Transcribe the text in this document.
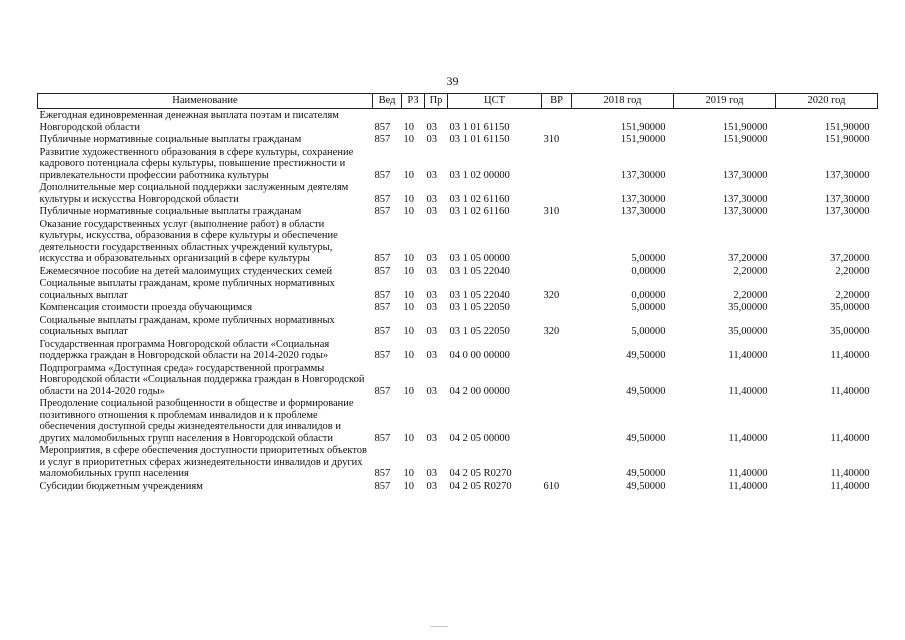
39
Наименование	Вед	РЗ	Пр	ЦСТ	ВР	2018 год	2019 год	2020 год
Ежегодная единовременная денежная выплата поэтам и писателям Новгородской области	857	10	03	03 1 01 61150		151,90000	151,90000	151,90000
Публичные нормативные социальные выплаты гражданам	857	10	03	03 1 01 61150	310	151,90000	151,90000	151,90000
Развитие художественного образования в сфере культуры, сохранение кадрового потенциала сферы культуры, повышение престижности и привлекательности профессии работника культуры	857	10	03	03 1 02 00000		137,30000	137,30000	137,30000
Дополнительные мер социальной поддержки заслуженным деятелям культуры и искусства Новгородской области	857	10	03	03 1 02 61160		137,30000	137,30000	137,30000
Публичные нормативные социальные выплаты гражданам	857	10	03	03 1 02 61160	310	137,30000	137,30000	137,30000
Оказание государственных услуг (выполнение работ) в области культуры, искусства, образования в сфере культуры и обеспечение деятельности государственных областных учреждений культуры, искусства и образовательных организаций в сфере культуры	857	10	03	03 1 05 00000		5,00000	37,20000	37,20000
Ежемесячное пособие на детей малоимущих студенческих семей	857	10	03	03 1 05 22040		0,00000	2,20000	2,20000
Социальные выплаты гражданам, кроме публичных нормативных социальных выплат	857	10	03	03 1 05 22040	320	0,00000	2,20000	2,20000
Компенсация стоимости проезда обучающимся	857	10	03	03 1 05 22050		5,00000	35,00000	35,00000
Социальные выплаты гражданам, кроме публичных нормативных социальных выплат	857	10	03	03 1 05 22050	320	5,00000	35,00000	35,00000
Государственная программа Новгородской области «Социальная поддержка граждан в Новгородской области на 2014-2020 годы»	857	10	03	04 0 00 00000		49,50000	11,40000	11,40000
Подпрограмма «Доступная среда» государственной программы Новгородской области «Социальная поддержка граждан в Новгородской области на 2014-2020 годы»	857	10	03	04 2 00 00000		49,50000	11,40000	11,40000
Преодоление социальной разобщенности в обществе и формирование позитивного отношения к проблемам инвалидов и к проблеме обеспечения доступной среды жизнедеятельности для инвалидов и других маломобильных групп населения в Новгородской области	857	10	03	04 2 05 00000		49,50000	11,40000	11,40000
Мероприятия, в сфере обеспечения доступности приоритетных объектов и услуг в приоритетных сферах жизнедеятельности инвалидов и других маломобильных групп населения	857	10	03	04 2 05 R0270		49,50000	11,40000	11,40000
Субсидии бюджетным учреждениям	857	10	03	04 2 05 R0270	610	49,50000	11,40000	11,40000
